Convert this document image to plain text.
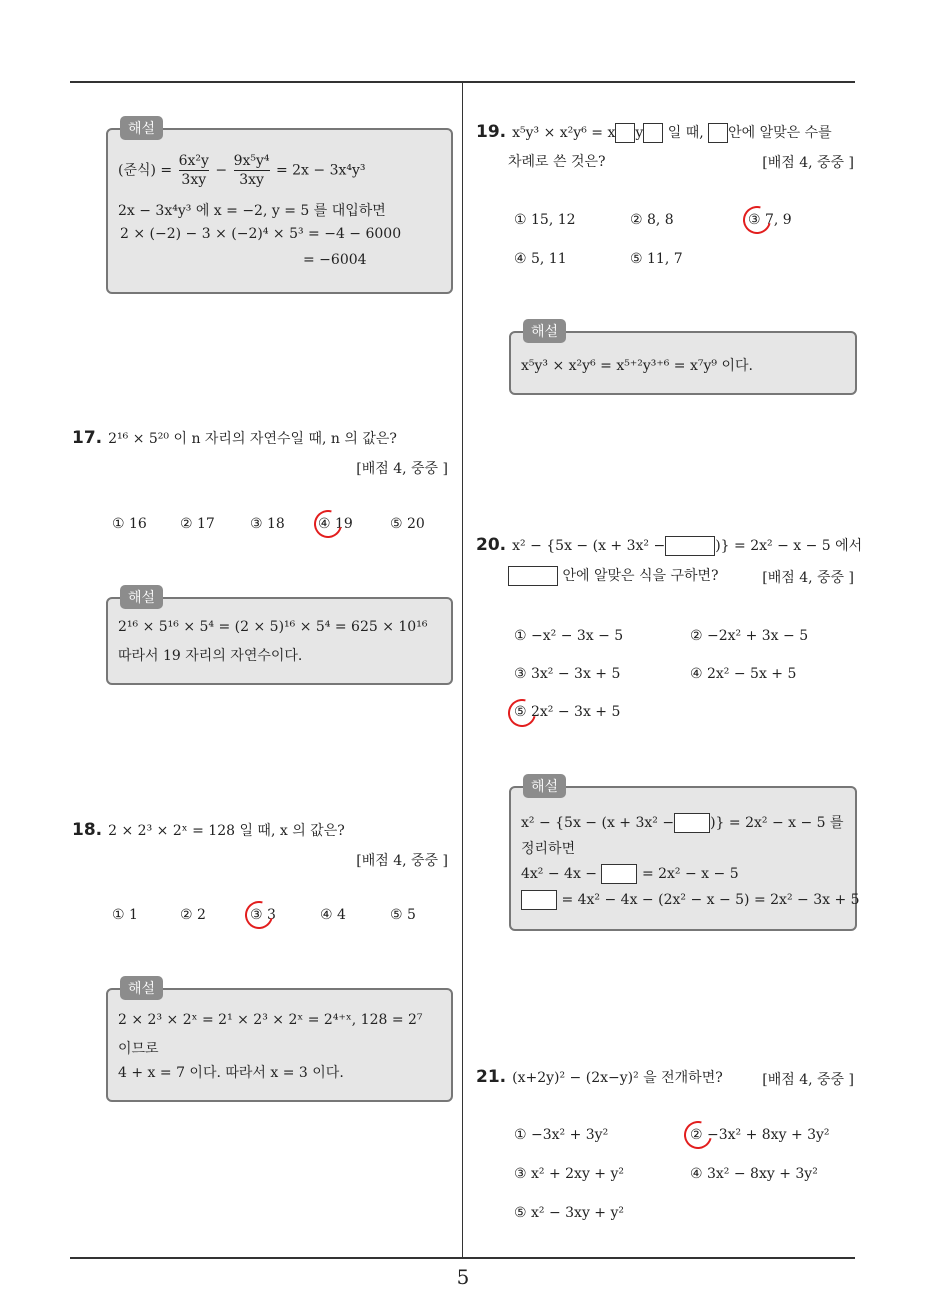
5
해설
(준식) = $\frac{\text{6x²y}}{3xy} - \frac{\text{9x⁵y⁴}}{3xy} = 2x - 3x^4y^3$
2x − 3x⁴y³ 에 x = −2, y = 5 를 대입하면
2 × (−2) − 3 × (−2)⁴ × 5³ = −4 − 6000
= −6004
17. 2¹⁶ × 5²⁰ 이 n 자리의 자연수일 때, n 의 값은?
[배점 4, 중중 ]
① 16 ② 17	③ 18 ④ 19	⑤ 20
해설
2¹⁶ × 5¹⁶ × 5⁴ = (2 × 5)¹⁶ × 5⁴ = 625 × 10¹⁶
따라서 19 자리의 자연수이다.
18. 2 × 2³ × 2ˣ = 128 일 때, x 의 값은?
[배점 4, 중중 ]
① 1	② 2	③ 3	④ 4	⑤ 5
해설
2 × 2³ × 2ˣ = 2¹ × 2³ × 2ˣ = 2⁴⁺ˣ, 128 = 2⁷
이므로
4 + x = 7 이다. 따라서 x = 3 이다.
19. x⁵y³ × x²y⁶ = x y 일 때, 안에 알맞은 수를
차례로 쓴 것은?	[배점 4, 중중 ]
① 15, 12	② 8, 8	③ 7, 9
④ 5, 11	⑤ 11, 7
해설
x⁵y³ × x²y⁶ = x⁵⁺²y³⁺⁶ = x⁷y⁹ 이다.
20. x² − {5x − (x + 3x² −	)} = 2x² − x − 5 에서
안에 알맞은 식을 구하면?	[배점 4, 중중 ]
① −x² − 3x − 5	② −2x² + 3x − 5
③ 3x² − 3x + 5	④ 2x² − 5x + 5
⑤ 2x² − 3x + 5
해설
x² − {5x − (x + 3x² −	)} = 2x² − x − 5 를
정리하면
4x² − 4x −	= 2x² − x − 5
= 4x² − 4x − (2x² − x − 5) = 2x² − 3x + 5
21. (x+2y)² − (2x−y)² 을 전개하면?	[배점 4, 중중 ]
① −3x² + 3y²	② −3x² + 8xy + 3y²
③ x² + 2xy + y²	④ 3x² − 8xy + 3y²
⑤ x² − 3xy + y²
